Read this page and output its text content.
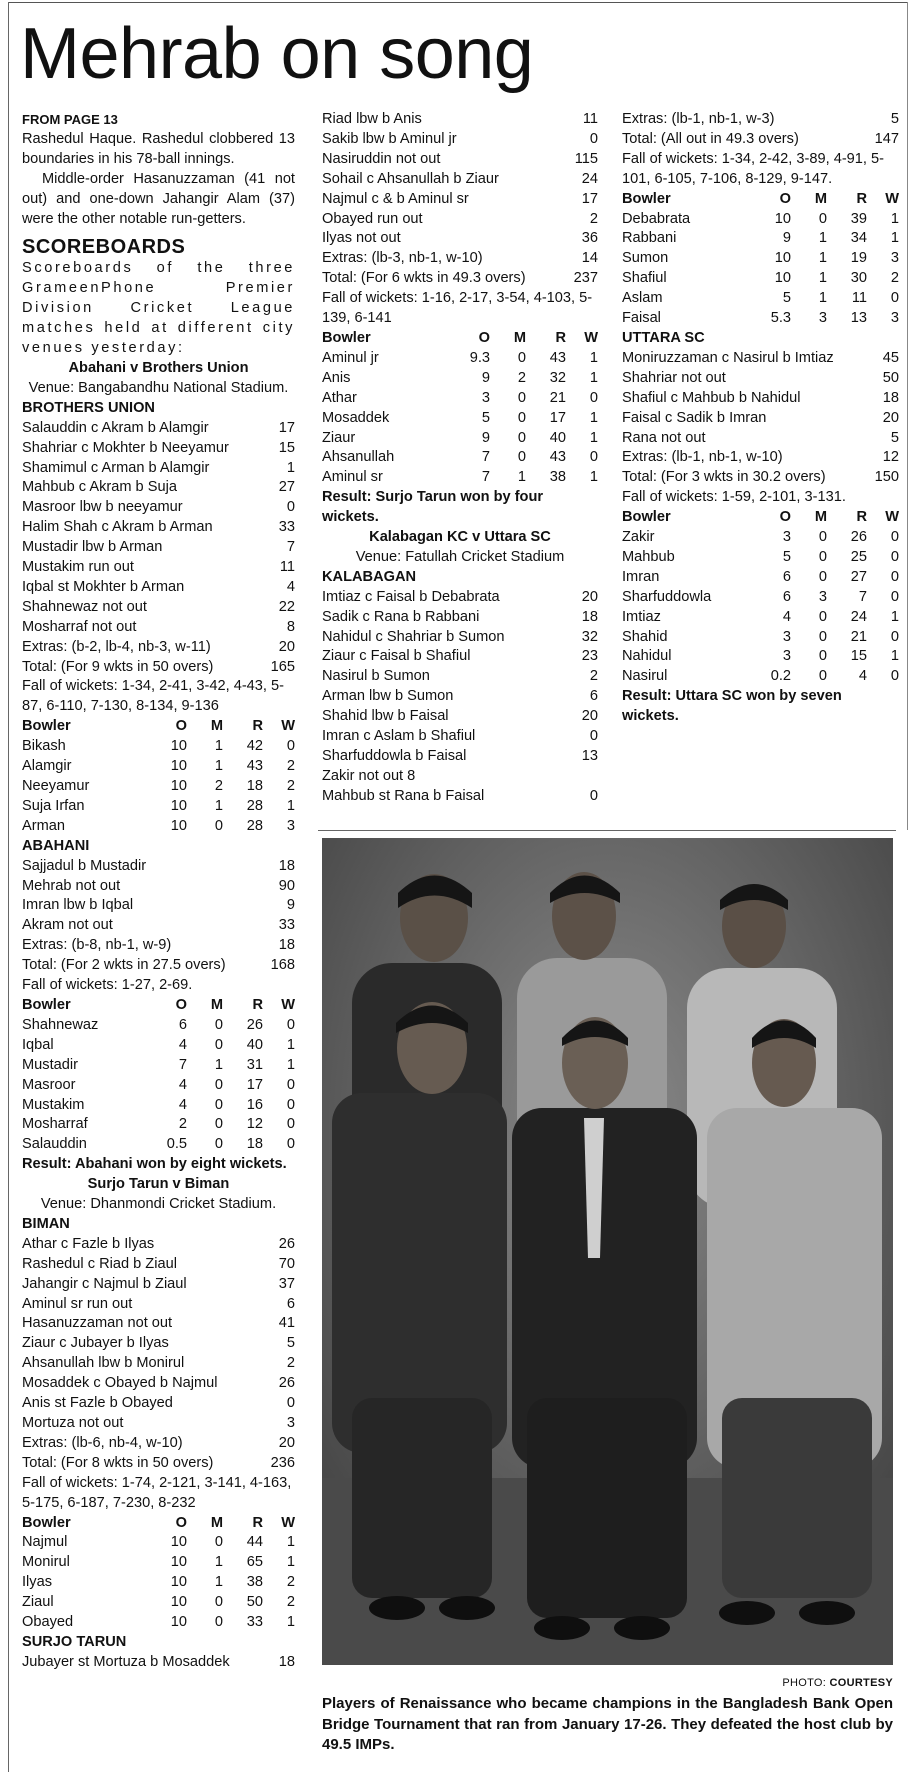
Mehrab on song
FROM PAGE 13
Rashedul Haque. Rashedul clobbered 13 boundaries in his 78-ball innings.
Middle-order Hasanuzzaman (41 not out) and one-down Jahangir Alam (37) were the other notable run-getters.
SCOREBOARDS
Scoreboards of the three GrameenPhone Premier Division Cricket League matches held at different city venues yesterday:
Abahani v Brothers Union
Venue: Bangabandhu National Stadium.
BROTHERS UNION
Salauddin c Akram b Alamgir	17
Shahriar c Mokhter b Neeyamur	15
Shamimul c Arman b Alamgir	1
Mahbub c Akram b Suja	27
Masroor lbw b neeyamur	0
Halim Shah c Akram b Arman	33
Mustadir lbw b Arman	7
Mustakim run out	11
Iqbal st Mokhter b Arman	4
Shahnewaz not out	22
Mosharraf not out	8
Extras: (b-2, lb-4, nb-3, w-11)	20
Total: (For 9 wkts in 50 overs)	165
Fall of wickets: 1-34, 2-41, 3-42, 4-43, 5-87, 6-110, 7-130, 8-134, 9-136
Bowler	O	M	R	W
Bikash	10	1	42	0
Alamgir	10	1	43	2
Neeyamur	10	2	18	2
Suja Irfan	10	1	28	1
Arman	10	0	28	3
ABAHANI
Sajjadul b Mustadir	18
Mehrab not out	90
Imran lbw b Iqbal	9
Akram not out	33
Extras: (b-8, nb-1, w-9)	18
Total: (For 2 wkts in 27.5 overs)	168
Fall of wickets: 1-27, 2-69.
Bowler	O	M	R	W
Shahnewaz	6	0	26	0
Iqbal	4	0	40	1
Mustadir	7	1	31	1
Masroor	4	0	17	0
Mustakim	4	0	16	0
Mosharraf	2	0	12	0
Salauddin	0.5	0	18	0
Result: Abahani won by eight wickets.
Surjo Tarun v Biman
Venue: Dhanmondi Cricket Stadium.
BIMAN
Athar c Fazle b Ilyas	26
Rashedul c Riad b Ziaul	70
Jahangir c Najmul b Ziaul	37
Aminul sr run out	6
Hasanuzzaman not out	41
Ziaur c Jubayer b Ilyas	5
Ahsanullah lbw b Monirul	2
Mosaddek c Obayed b Najmul	26
Anis st Fazle b Obayed	0
Mortuza not out	3
Extras: (lb-6, nb-4, w-10)	20
Total: (For 8 wkts in 50 overs)	236
Fall of wickets: 1-74, 2-121, 3-141, 4-163, 5-175, 6-187, 7-230, 8-232
Bowler	O	M	R	W
Najmul	10	0	44	1
Monirul	10	1	65	1
Ilyas	10	1	38	2
Ziaul	10	0	50	2
Obayed	10	0	33	1
SURJO TARUN
Jubayer st Mortuza b Mosaddek	18
Riad lbw b Anis	11
Sakib lbw b Aminul jr	0
Nasiruddin not out	115
Sohail c Ahsanullah b Ziaur	24
Najmul c & b Aminul sr	17
Obayed run out	2
Ilyas not out	36
Extras: (lb-3, nb-1, w-10)	14
Total: (For 6 wkts in 49.3 overs)	237
Fall of wickets: 1-16, 2-17, 3-54, 4-103, 5-139, 6-141
Bowler	O	M	R	W
Aminul jr	9.3	0	43	1
Anis	9	2	32	1
Athar	3	0	21	0
Mosaddek	5	0	17	1
Ziaur	9	0	40	1
Ahsanullah	7	0	43	0
Aminul sr	7	1	38	1
Result: Surjo Tarun won by four wickets.
Kalabagan KC v Uttara SC
Venue: Fatullah Cricket Stadium
KALABAGAN
Imtiaz c Faisal b Debabrata	20
Sadik c Rana b Rabbani	18
Nahidul c Shahriar b Sumon	32
Ziaur c Faisal b Shafiul	23
Nasirul b Sumon	2
Arman lbw b Sumon	6
Shahid lbw b Faisal	20
Imran c Aslam b Shafiul	0
Sharfuddowla b Faisal	13
Zakir not out 8
Mahbub st Rana b Faisal	0
Extras: (lb-1, nb-1, w-3)	5
Total: (All out in 49.3 overs)	147
Fall of wickets: 1-34, 2-42, 3-89, 4-91, 5-101, 6-105, 7-106, 8-129, 9-147.
Bowler	O	M	R	W
Debabrata	10	0	39	1
Rabbani	9	1	34	1
Sumon	10	1	19	3
Shafiul	10	1	30	2
Aslam	5	1	11	0
Faisal	5.3	3	13	3
UTTARA SC
Moniruzzaman c Nasirul b Imtiaz	45
Shahriar not out	50
Shafiul c Mahbub b Nahidul	18
Faisal c Sadik b Imran	20
Rana not out	5
Extras: (lb-1, nb-1, w-10)	12
Total: (For 3 wkts in 30.2 overs)	150
Fall of wickets: 1-59, 2-101, 3-131.
Bowler	O	M	R	W
Zakir	3	0	26	0
Mahbub	5	0	25	0
Imran	6	0	27	0
Sharfuddowla	6	3	7	0
Imtiaz	4	0	24	1
Shahid	3	0	21	0
Nahidul	3	0	15	1
Nasirul	0.2	0	4	0
Result: Uttara SC won by seven wickets.
PHOTO: COURTESY
Players of Renaissance who became champions in the Bangladesh Bank Open Bridge Tournament that ran from January 17-26. They defeated the host club by 49.5 IMPs.
